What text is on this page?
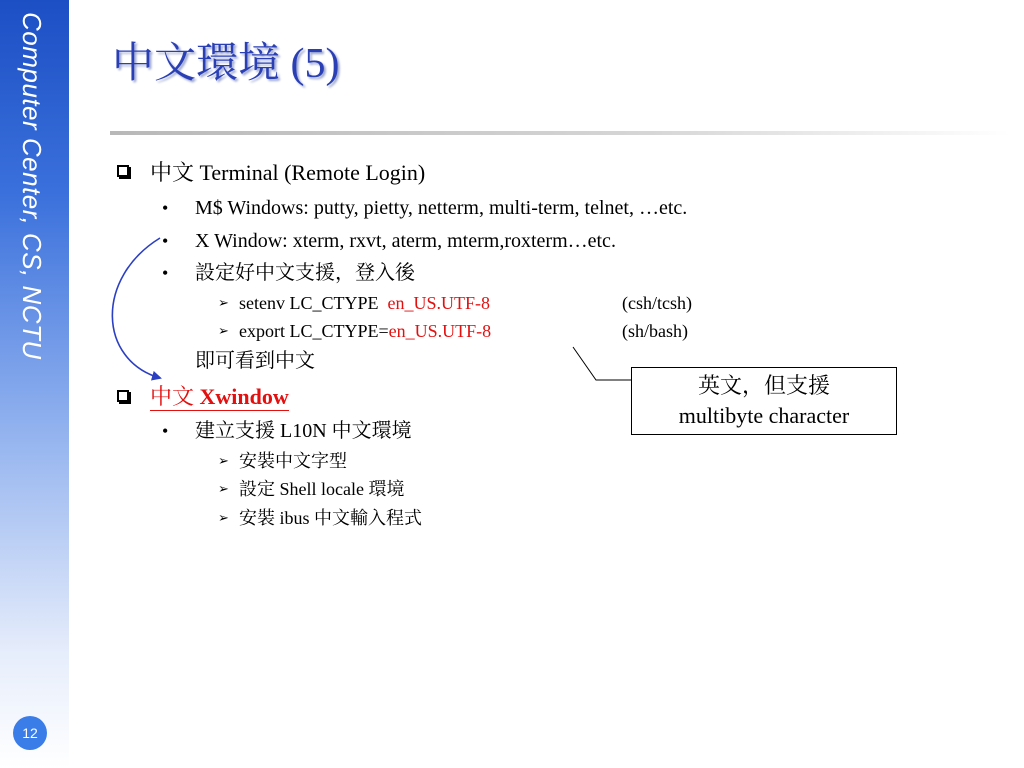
Computer Center, CS, NCTU
12
中文環境 (5)
中文 Terminal (Remote Login)
• M$ Windows: putty, pietty, netterm, multi-term, telnet, …etc.
• X Window: xterm, rxvt, aterm, mterm,roxterm…etc.
• 設定好中文支援，登入後
➢ setenv LC_CTYPE  en_US.UTF-8	(csh/tcsh)
➢ export LC_CTYPE=en_US.UTF-8	(sh/bash)
即可看到中文
中文 Xwindow
• 建立支援 L10N 中文環境
➢ 安裝中文字型
➢ 設定 Shell locale 環境
➢ 安裝 ibus 中文輸入程式
英文，但支援
multibyte character
